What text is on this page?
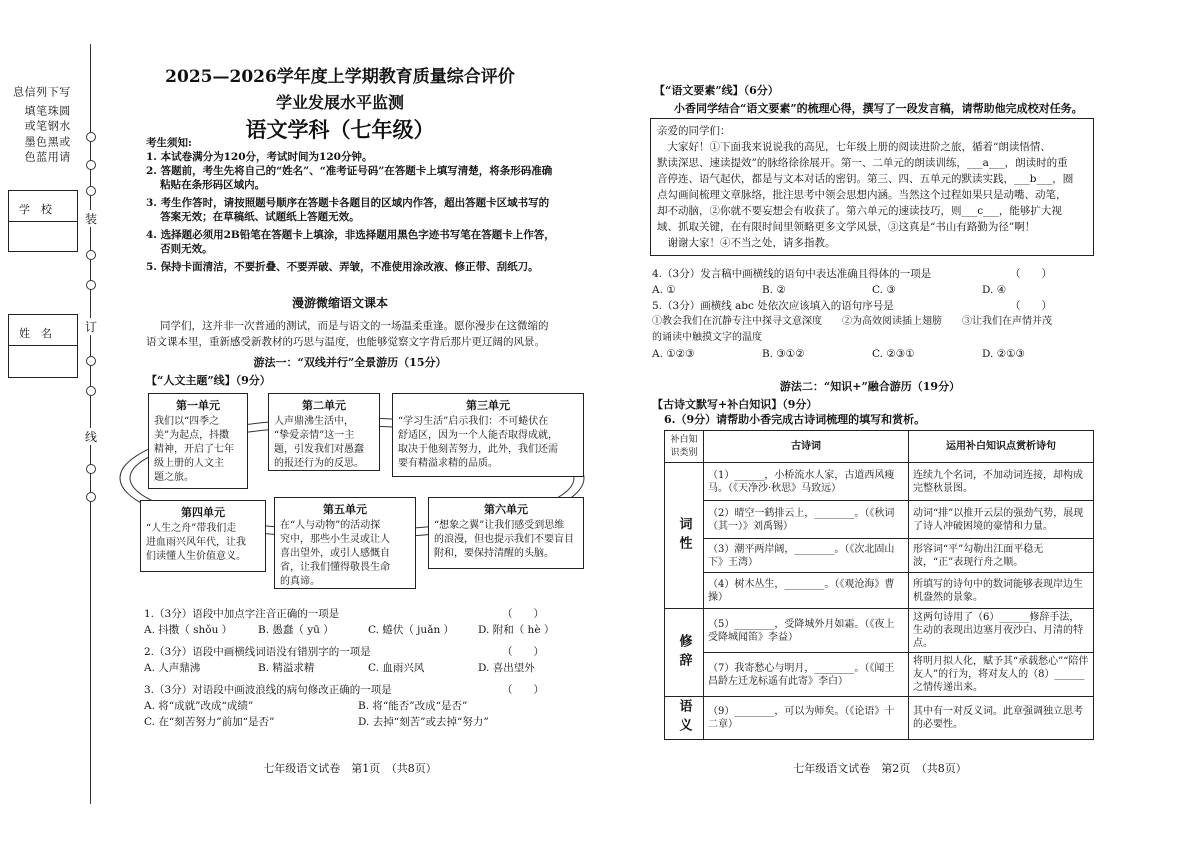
请用蓝色
或黑色墨
水钢笔或
圆珠笔填
写下列信息
学　校
姓　名
装
订
线
2025—2026学年度上学期教育质量综合评价
学业发展水平监测
语文学科（七年级）
考生须知:
1. 本试卷满分为120分，考试时间为120分钟。
2. 答题前，考生先将自己的“姓名”、“准考证号码”在答题卡上填写清楚，将条形码准确
　 粘贴在条形码区域内。
3. 考生作答时，请按照题号顺序在答题卡各题目的区域内作答，超出答题卡区域书写的
　 答案无效；在草稿纸、试题纸上答题无效。
4. 选择题必须用2B铅笔在答题卡上填涂，非选择题用黑色字迹书写笔在答题卡上作答，
　 否则无效。
5. 保持卡面清洁，不要折叠、不要弄破、弄皱，不准使用涂改液、修正带、刮纸刀。
漫游微缩语文课本
同学们，这并非一次普通的测试，而是与语文的一场温柔重逢。愿你漫步在这微缩的
语文课本里，重新感受新教材的巧思与温度，也能够觉察文字背后那片更辽阔的风景。
游法一：“双线并行”全景游历（15分）
【“人文主题”线】（9分）
第一单元
我们以“四季之
美”为起点，抖擞
精神，开启了七年
级上册的人文主
题之旅。
第二单元
人声鼎沸生活中，
“挚爱亲情”这一主
题，引发我们对愚蠢
的报还行为的反思。
第三单元
“学习生活”启示我们：不可蜷伏在
舒适区，因为一个人能否取得成就，
取决于他刻苦努力，此外，我们还需
要有精溢求精的品质。
第四单元
“人生之舟”带我们走
进血雨兴风年代，让我
们读懂人生价值意义。
第五单元
在“人与动物”的活动探
究中，那些小生灵或让人
喜出望外，或引人感慨自
省，让我们懂得敬畏生命
的真谛。
第六单元
“想象之翼”让我们感受到思维
的浪漫，但也提示我们不要盲目
附和，要保持清醒的头脑。
1.（3分）语段中加点字注音正确的一项是	（　　）
A. 抖擞（ shǒu ）	B. 愚蠢（ yū ）	C. 蜷伏（ juǎn ）	D. 附和（ hè ）
2.（3分）语段中画横线词语没有错别字的一项是	（　　）
A. 人声鼎沸	B. 精溢求精	C. 血雨兴风	D. 喜出望外
3.（3分）对语段中画波浪线的病句修改正确的一项是	（　　）
A. 将“成就”改成“成绩”	B. 将“能否”改成“是否”
C. 在“刻苦努力”前加“是否”	D. 去掉“刻苦”或去掉“努力”
七年级语文试卷　第1页　（共8页）
【“语文要素”线】（6分）
小香同学结合“语文要素”的梳理心得，撰写了一段发言稿，请帮助他完成校对任务。
亲爱的同学们：
　大家好！①下面我来说说我的高见，七年级上册的阅读进阶之旅，循着“朗读悟情、
默读深思、速读提效”的脉络徐徐展开。第一、二单元的朗读训练，___a___，朗读时的重
音停连、语气起伏，都是与文本对话的密钥。第三、四、五单元的默读实践，___b___，圈
点勾画间梳理文章脉络，批注思考中领会思想内涵。当然这个过程如果只是动嘴、动笔，
却不动脑，②你就不要妄想会有收获了。第六单元的速读技巧，则___c___，能够扩大视
域、抓取关键，在有限时间里领略更多文学风景，③这真是“书山有路勤为径”啊！
　谢谢大家！④不当之处，请多指教。
4.（3分）发言稿中画横线的语句中表达准确且得体的一项是	（　　）
A. ①	B. ②	C. ③	D. ④
5.（3分）画横线 abc 处依次应该填入的语句序号是	（　　）
①教会我们在沉静专注中探寻文意深度　　②为高效阅读插上翅膀　　③让我们在声情并茂
的诵读中触摸文字的温度
A. ①②③	B. ③①②	C. ②③①	D. ②①③
游法二：“知识+”融合游历（19分）
【古诗文默写+补白知识】（9分）
6.（9分）请帮助小香完成古诗词梳理的填写和赏析。
补白知识类别	古诗词	运用补白知识点赏析诗句
词性	（1）______，小桥流水人家，古道西风瘦马。（《天净沙·秋思》马致远）	连续九个名词，不加动词连接，却构成完整秋景图。
	（2）晴空一鹤排云上，________。（《秋词（其一）》刘禹锡）	动词“排”以推开云层的强劲气势，展现了诗人冲破困境的豪情和力量。
	（3）潮平两岸阔，________。（《次北固山下》王湾）	形容词“平”勾勒出江面平稳无波，“正”表现行舟之顺。
	（4）树木丛生，________。（《观沧海》曹操）	所填写的诗句中的数词能够表现岸边生机盎然的景象。
修辞	（5）________，受降城外月如霜。（《夜上受降城闻笛》李益）	这两句诗用了（6）______修辞手法，生动的表现出边塞月夜沙白、月清的特点。
	（7）我寄愁心与明月，________。（《闻王昌龄左迁龙标遥有此寄》李白）	将明月拟人化，赋予其“承载愁心”“陪伴友人”的行为，将对友人的（8）______之情传递出来。
语义	（9）________，可以为师矣。（《论语》十二章）	其中有一对反义词。此章强调独立思考的必要性。
七年级语文试卷　第2页　（共8页）
